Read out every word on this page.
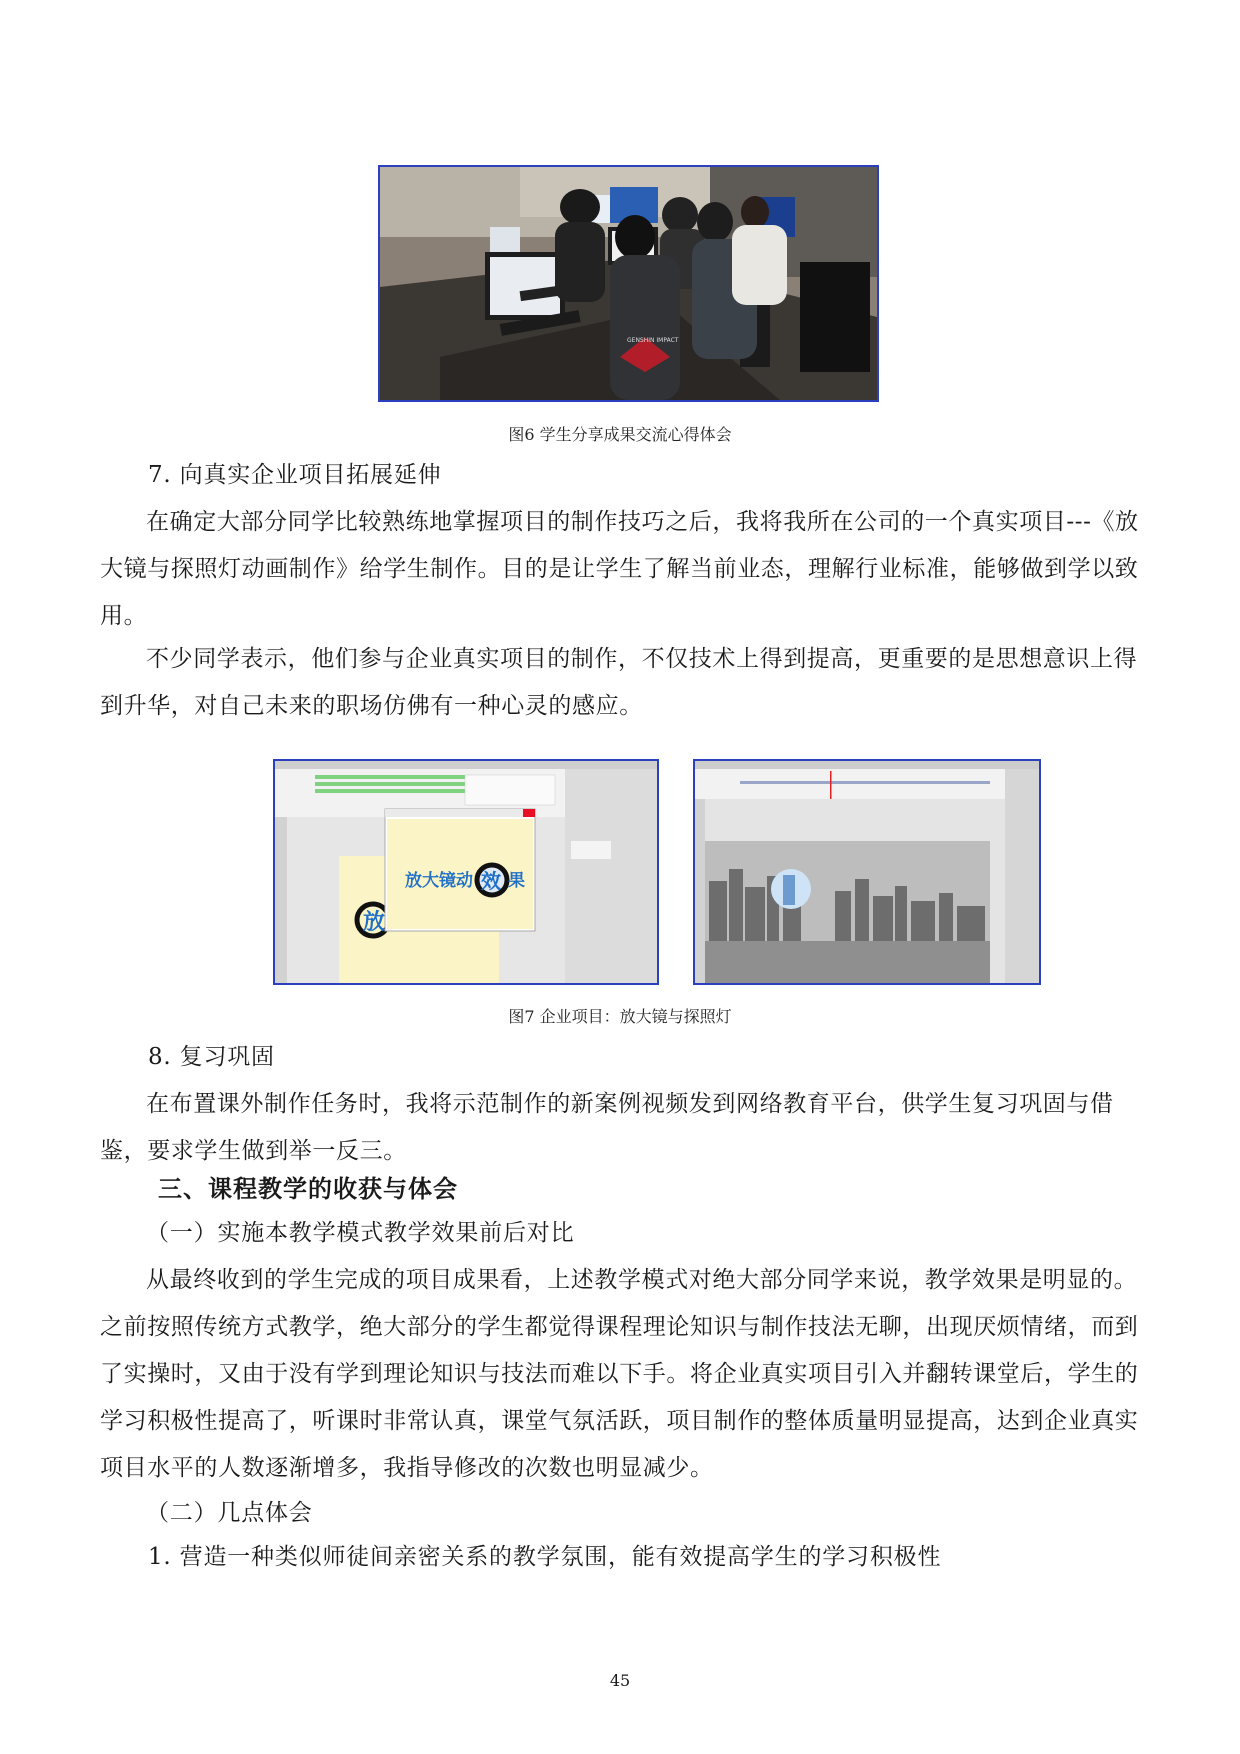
GENSHIN IMPACT
图6 学生分享成果交流心得体会
7. 向真实企业项目拓展延伸

在确定大部分同学比较熟练地掌握项目的制作技巧之后，我将我所在公司的一个真实项目---《放大镜与探照灯动画制作》给学生制作。目的是让学生了解当前业态，理解行业标准，能够做到学以致用。

不少同学表示，他们参与企业真实项目的制作，不仅技术上得到提高，更重要的是思想意识上得到升华，对自己未来的职场仿佛有一种心灵的感应。

放
放大镜动 效 果
图7 企业项目：放大镜与探照灯
8. 复习巩固

在布置课外制作任务时，我将示范制作的新案例视频发到网络教育平台，供学生复习巩固与借鉴，要求学生做到举一反三。

三、课程教学的收获与体会
（一）实施本教学模式教学效果前后对比

从最终收到的学生完成的项目成果看，上述教学模式对绝大部分同学来说，教学效果是明显的。之前按照传统方式教学，绝大部分的学生都觉得课程理论知识与制作技法无聊，出现厌烦情绪，而到了实操时，又由于没有学到理论知识与技法而难以下手。将企业真实项目引入并翻转课堂后，学生的学习积极性提高了，听课时非常认真，课堂气氛活跃，项目制作的整体质量明显提高，达到企业真实项目水平的人数逐渐增多，我指导修改的次数也明显减少。

（二）几点体会
1. 营造一种类似师徒间亲密关系的教学氛围，能有效提高学生的学习积极性
45
